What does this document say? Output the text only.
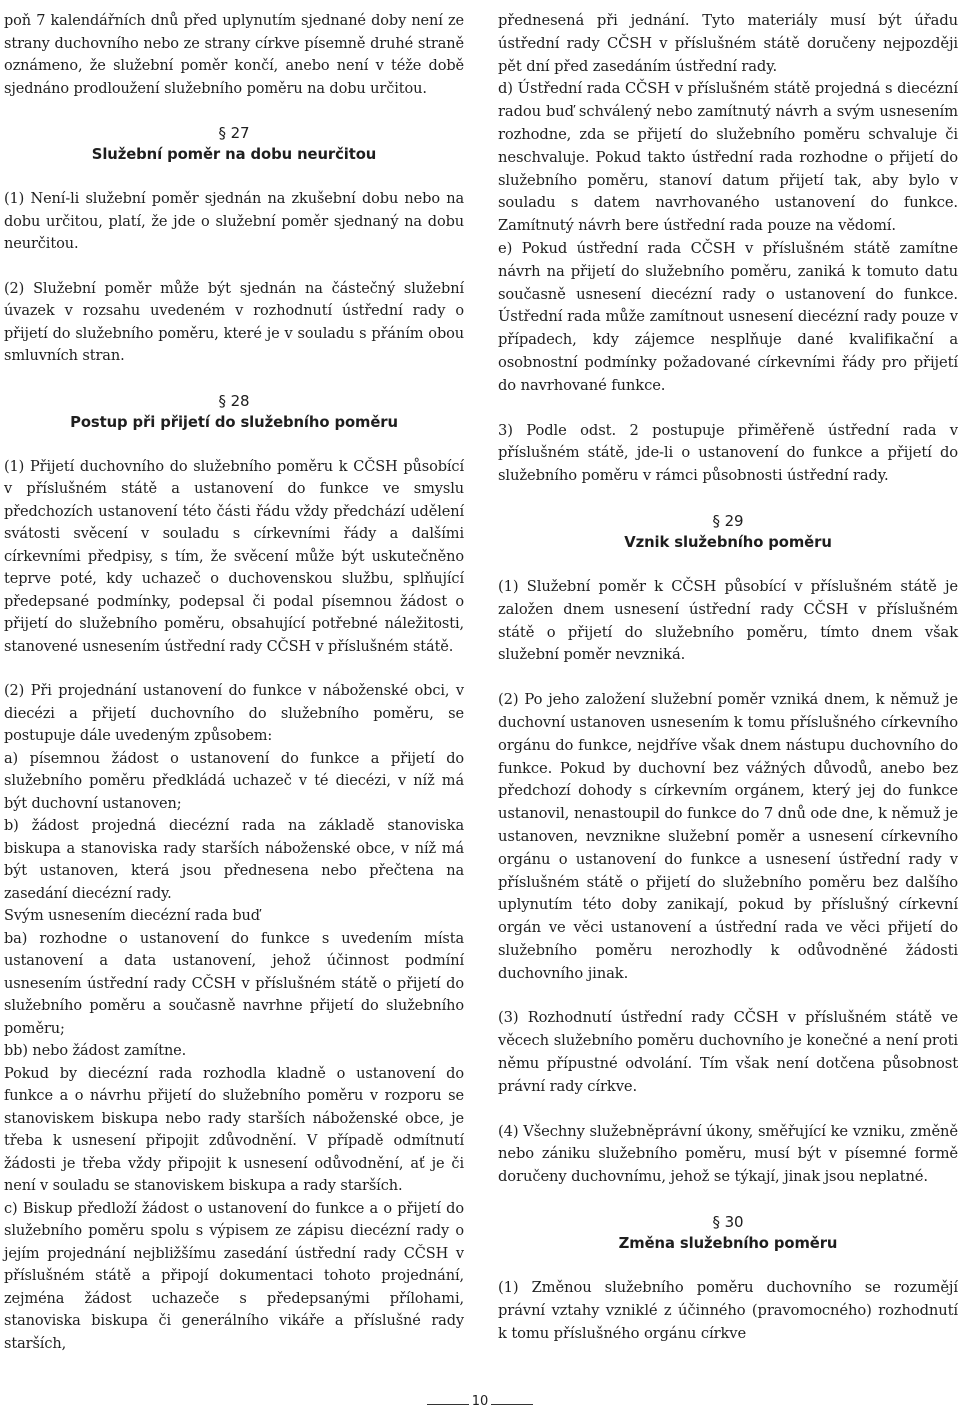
poň 7 kalendářních dnů před uplynutím sjednané doby není ze strany duchovního nebo ze strany církve písemně druhé straně oznámeno, že služební poměr končí, anebo není v téže době sjednáno prodloužení služebního poměru na dobu určitou.

§ 27
Služební poměr na dobu neurčitou

(1) Není-li služební poměr sjednán na zkušební dobu nebo na dobu určitou, platí, že jde o služební poměr sjednaný na dobu neurčitou.

(2) Služební poměr může být sjednán na částečný služební úvazek v rozsahu uvedeném v rozhodnutí ústřední rady o přijetí do služebního poměru, které je v souladu s přáním obou smluvních stran.

§ 28
Postup při přijetí do služebního poměru

(1) Přijetí duchovního do služebního poměru k CČSH působící v příslušném státě a ustanovení do funkce ve smyslu předchozích ustanovení této části řádu vždy předchází udělení svátosti svěcení v souladu s církevními řády a dalšími církevními předpisy, s tím, že svěcení může být uskutečněno teprve poté, kdy uchazeč o duchovenskou službu, splňující předepsané podmínky, podepsal či podal písemnou žádost o přijetí do služebního poměru, obsahující potřebné náležitosti, stanovené usnesením ústřední rady CČSH v příslušném státě.

(2) Při projednání ustanovení do funkce v náboženské obci, v diecézi a přijetí duchovního do služebního poměru, se postupuje dále uvedeným způsobem:

a) písemnou žádost o ustanovení do funkce a přijetí do služebního poměru předkládá uchazeč v té diecézi, v níž má být duchovní ustanoven;

b) žádost projedná diecézní rada na základě stanoviska biskupa a stanoviska rady starších náboženské obce, v níž má být ustanoven, která jsou přednesena nebo přečtena na zasedání diecézní rady.

Svým usnesením diecézní rada buď

ba) rozhodne o ustanovení do funkce s uvedením místa ustanovení a data ustanovení, jehož účinnost podmíní usnesením ústřední rady CČSH v příslušném státě o přijetí do služebního poměru a současně navrhne přijetí do služebního poměru;

bb) nebo žádost zamítne.

Pokud by diecézní rada rozhodla kladně o ustanovení do funkce a o návrhu přijetí do služebního poměru v rozporu se stanoviskem biskupa nebo rady starších náboženské obce, je třeba k usnesení připojit zdůvodnění. V případě odmítnutí žádosti je třeba vždy připojit k usnesení odůvodnění, ať je či není v souladu se stanoviskem biskupa a rady starších.

c) Biskup předloží žádost o ustanovení do funkce a o přijetí do služebního poměru spolu s výpisem ze zápisu diecézní rady o jejím projednání nejbližšímu zasedání ústřední rady CČSH v příslušném státě a připojí dokumentaci tohoto projednání, zejména žádost uchazeče s předepsanými přílohami, stanoviska biskupa či generálního vikáře a příslušné rady starších,

přednesená při jednání. Tyto materiály musí být úřadu ústřední rady CČSH v příslušném státě doručeny nejpozději pět dní před zasedáním ústřední rady.

d) Ústřední rada CČSH v příslušném státě projedná s diecézní radou buď schválený nebo zamítnutý návrh a svým usnesením rozhodne, zda se přijetí do služebního poměru schvaluje či neschvaluje. Pokud takto ústřední rada rozhodne o přijetí do služebního poměru, stanoví datum přijetí tak, aby bylo v souladu s datem navrhovaného ustanovení do funkce. Zamítnutý návrh bere ústřední rada pouze na vědomí.

e) Pokud ústřední rada CČSH v příslušném státě zamítne návrh na přijetí do služebního poměru, zaniká k tomuto datu současně usnesení diecézní rady o ustanovení do funkce. Ústřední rada může zamítnout usnesení diecézní rady pouze v případech, kdy zájemce nesplňuje dané kvalifikační a osobnostní podmínky požadované církevními řády pro přijetí do navrhované funkce.

3) Podle odst. 2 postupuje přiměřeně ústřední rada v příslušném státě, jde-li o ustanovení do funkce a přijetí do služebního poměru v rámci působnosti ústřední rady.

§ 29
Vznik služebního poměru

(1) Služební poměr k CČSH působící v příslušném státě je založen dnem usnesení ústřední rady CČSH v příslušném státě o přijetí do služebního poměru, tímto dnem však služební poměr nevzniká.

(2) Po jeho založení služební poměr vzniká dnem, k němuž je duchovní ustanoven usnesením k tomu příslušného církevního orgánu do funkce, nejdříve však dnem nástupu duchovního do funkce. Pokud by duchovní bez vážných důvodů, anebo bez předchozí dohody s církevním orgánem, který jej do funkce ustanovil, nenastoupil do funkce do 7 dnů ode dne, k němuž je ustanoven, nevznikne služební poměr a usnesení církevního orgánu o ustanovení do funkce a usnesení ústřední rady v příslušném státě o přijetí do služebního poměru bez dalšího uplynutím této doby zanikají, pokud by příslušný církevní orgán ve věci ustanovení a ústřední rada ve věci přijetí do služebního poměru nerozhodly k odůvodněné žádosti duchovního jinak.

(3) Rozhodnutí ústřední rady CČSH v příslušném státě ve věcech služebního poměru duchovního je konečné a není proti němu přípustné odvolání. Tím však není dotčena působnost právní rady církve.

(4) Všechny služebněprávní úkony, směřující ke vzniku, změně nebo zániku služebního poměru, musí být v písemné formě doručeny duchovnímu, jehož se týkají, jinak jsou neplatné.

§ 30
Změna služebního poměru

(1) Změnou služebního poměru duchovního se rozumějí právní vztahy vzniklé z účinného (pravomocného) rozhodnutí k tomu příslušného orgánu církve

10
